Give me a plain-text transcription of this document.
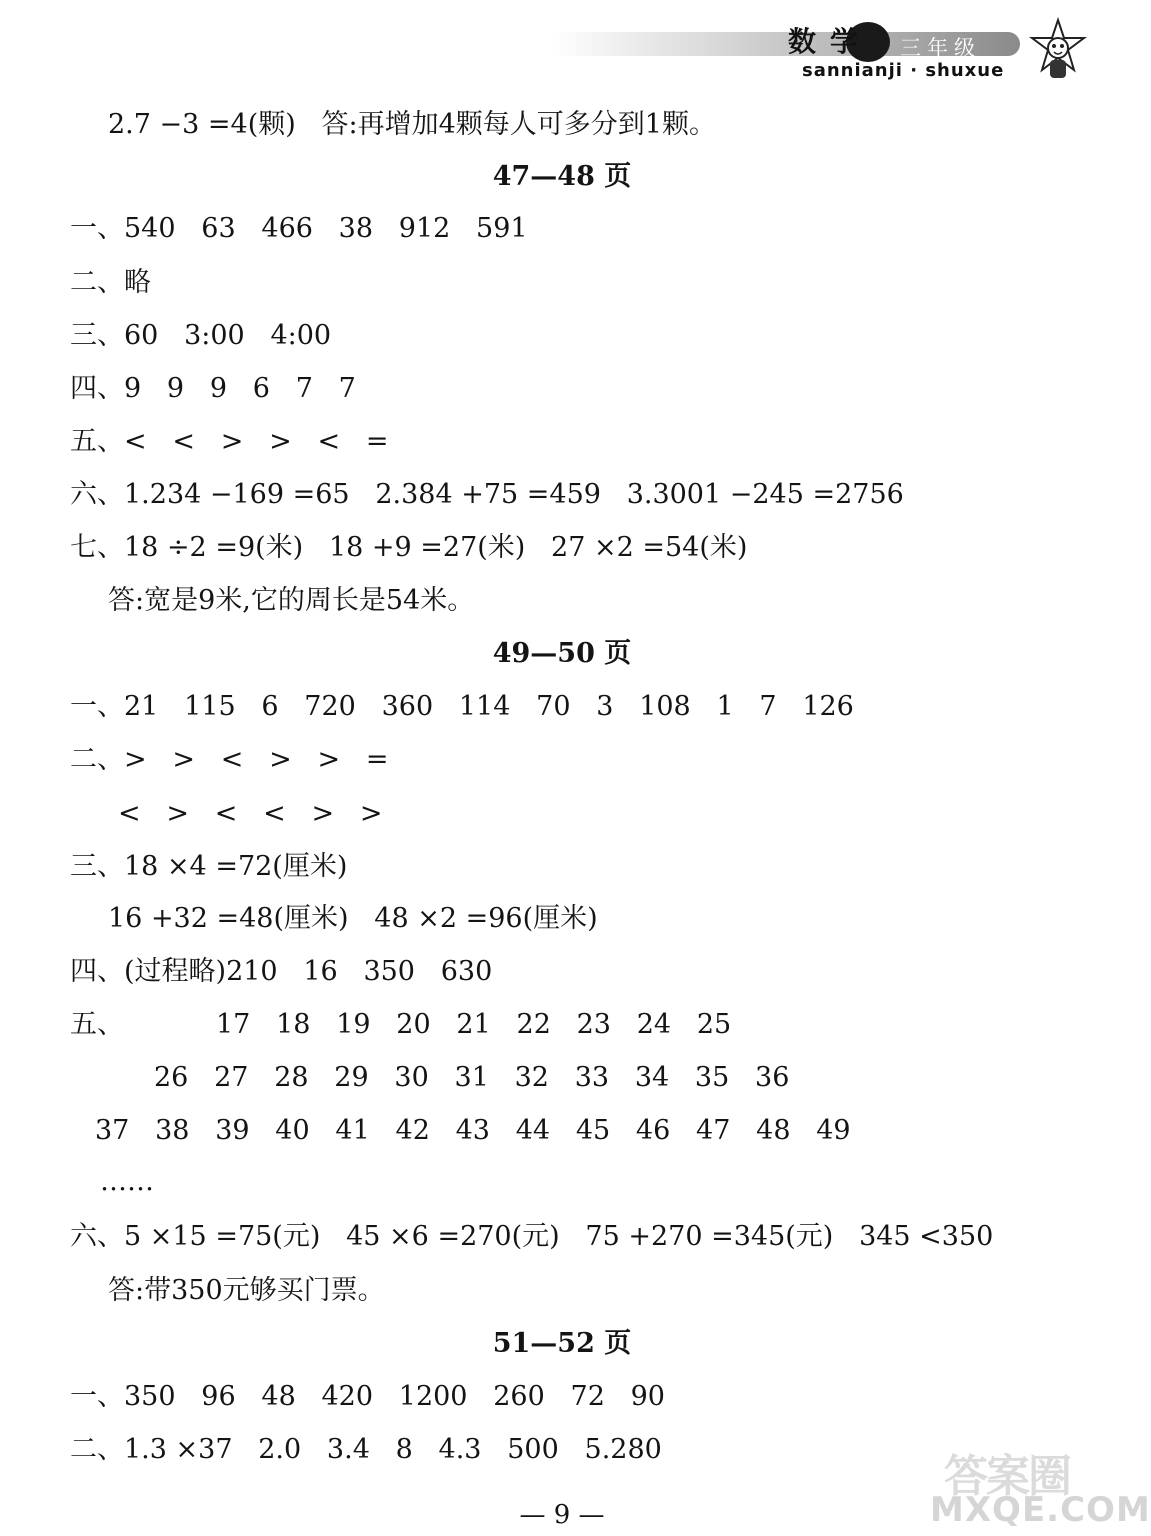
数学 三年级
sannianji · shuxue
2.7 −3 =4(颗)   答:再增加4颗每人可多分到1颗。
47—48 页
一、540   63   466   38   912   591
二、略
三、60   3:00   4:00
四、9   9   9   6   7   7
五、<   <   >   >   <   =
六、1.234 −169 =65   2.384 +75 =459   3.3001 −245 =2756
七、18 ÷2 =9(米)   18 +9 =27(米)   27 ×2 =54(米)
答:宽是9米,它的周长是54米。
49—50 页
一、21   115   6   720   360   114   70   3   108   1   7   126
二、>   >   <   >   >   =
<   >   <   <   >   >
三、18 ×4 =72(厘米)
16 +32 =48(厘米)   48 ×2 =96(厘米)
四、(过程略)210   16   350   630
五、	17   18   19   20   21   22   23   24   25
26   27   28   29   30   31   32   33   34   35   36
37   38   39   40   41   42   43   44   45   46   47   48   49
……
六、5 ×15 =75(元)   45 ×6 =270(元)   75 +270 =345(元)   345 <350
答:带350元够买门票。
51—52 页
一、350   96   48   420   1200   260   72   90
二、1.3 ×37   2.0   3.4   8   4.3   500   5.280
— 9 —
答案圈
MXQE.COM
